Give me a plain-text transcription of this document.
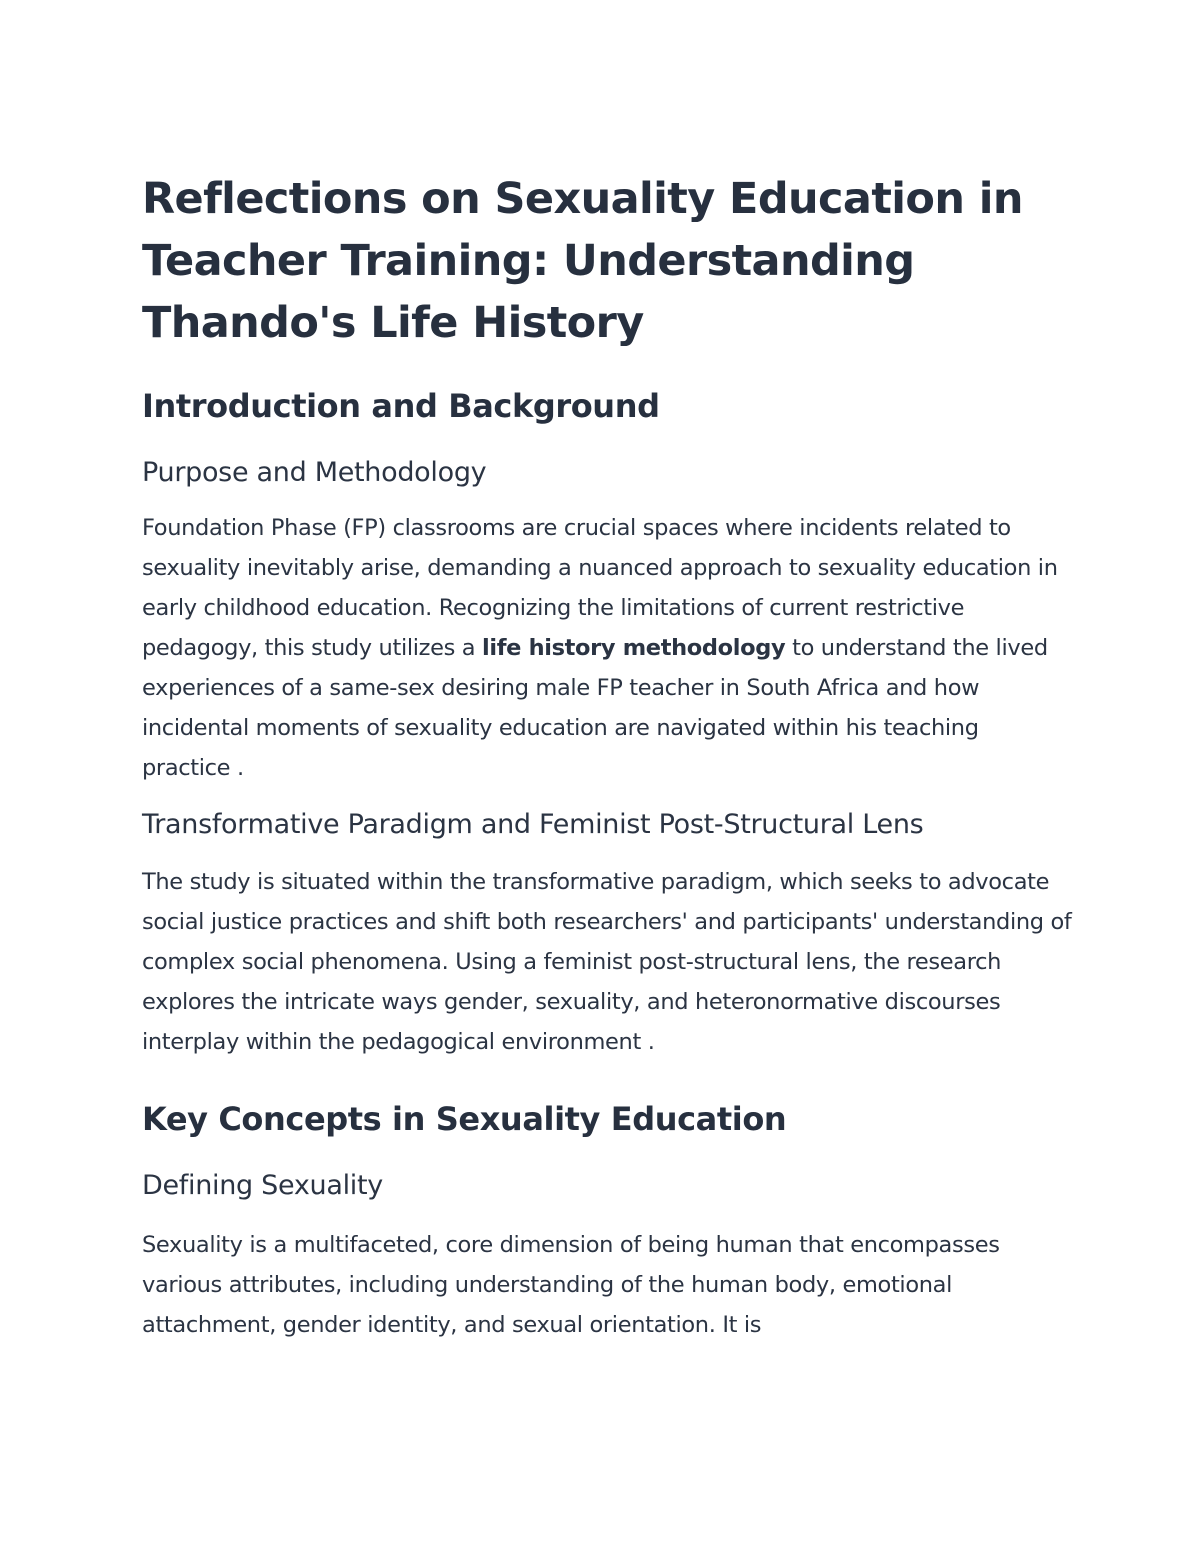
Reflections on Sexuality Education in Teacher Training: Understanding Thando's Life History
Introduction and Background
Purpose and Methodology

Foundation Phase (FP) classrooms are crucial spaces where incidents related to sexuality inevitably arise, demanding a nuanced approach to sexuality education in early childhood education. Recognizing the limitations of current restrictive pedagogy, this study utilizes a life history methodology to understand the lived experiences of a same-sex desiring male FP teacher in South Africa and how incidental moments of sexuality education are navigated within his teaching practice .

Transformative Paradigm and Feminist Post-Structural Lens

The study is situated within the transformative paradigm, which seeks to advocate social justice practices and shift both researchers' and participants' understanding of complex social phenomena. Using a feminist post-structural lens, the research explores the intricate ways gender, sexuality, and heteronormative discourses interplay within the pedagogical environment .

Key Concepts in Sexuality Education
Defining Sexuality

Sexuality is a multifaceted, core dimension of being human that encompasses various attributes, including understanding of the human body, emotional attachment, gender identity, and sexual orientation. It is
